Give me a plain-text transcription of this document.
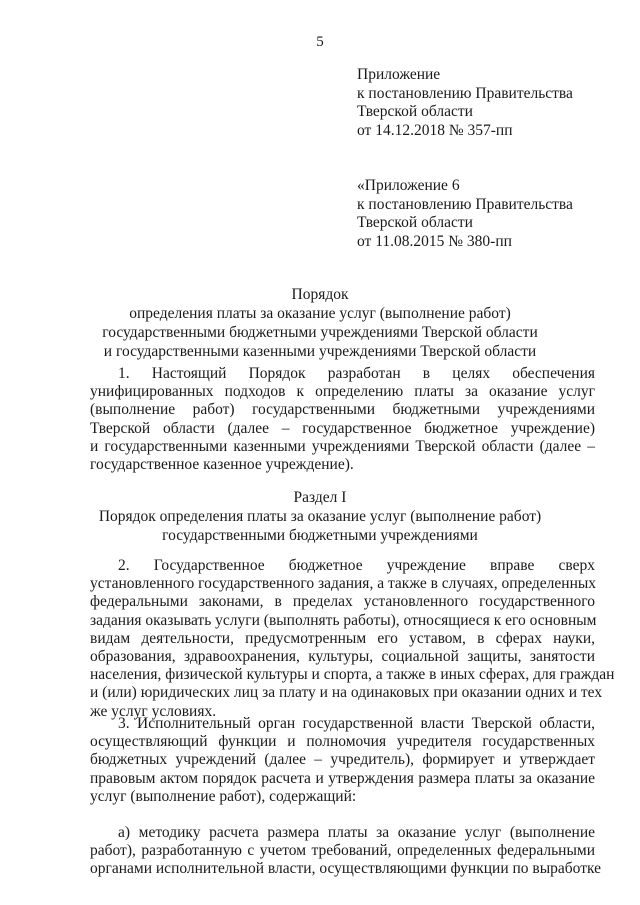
5
Приложение
к постановлению Правительства
Тверской области
от 14.12.2018 № 357-пп
«Приложение 6
к постановлению Правительства
Тверской области
от 11.08.2015 № 380-пп
Порядок
определения платы за оказание услуг (выполнение работ)
государственными бюджетными учреждениями Тверской области
и государственными казенными учреждениями Тверской области
1. Настоящий Порядок разработан в целях обеспечения
унифицированных подходов к определению платы за оказание услуг
(выполнение работ) государственными бюджетными учреждениями
Тверской области (далее – государственное бюджетное учреждение)
и государственными казенными учреждениями Тверской области (далее –
государственное казенное учреждение).
Раздел I
Порядок определения платы за оказание услуг (выполнение работ)
государственными бюджетными учреждениями
2. Государственное бюджетное учреждение вправе сверх
установленного государственного задания, а также в случаях, определенных
федеральными законами, в пределах установленного государственного
задания оказывать услуги (выполнять работы), относящиеся к его основным
видам деятельности, предусмотренным его уставом, в сферах науки,
образования, здравоохранения, культуры, социальной защиты, занятости
населения, физической культуры и спорта, а также в иных сферах, для граждан
и (или) юридических лиц за плату и на одинаковых при оказании одних и тех
же услуг условиях.
3. Исполнительный орган государственной власти Тверской области,
осуществляющий функции и полномочия учредителя государственных
бюджетных учреждений (далее – учредитель), формирует и утверждает
правовым актом порядок расчета и утверждения размера платы за оказание
услуг (выполнение работ), содержащий:
а) методику расчета размера платы за оказание услуг (выполнение
работ), разработанную с учетом требований, определенных федеральными
органами исполнительной власти, осуществляющими функции по выработке
